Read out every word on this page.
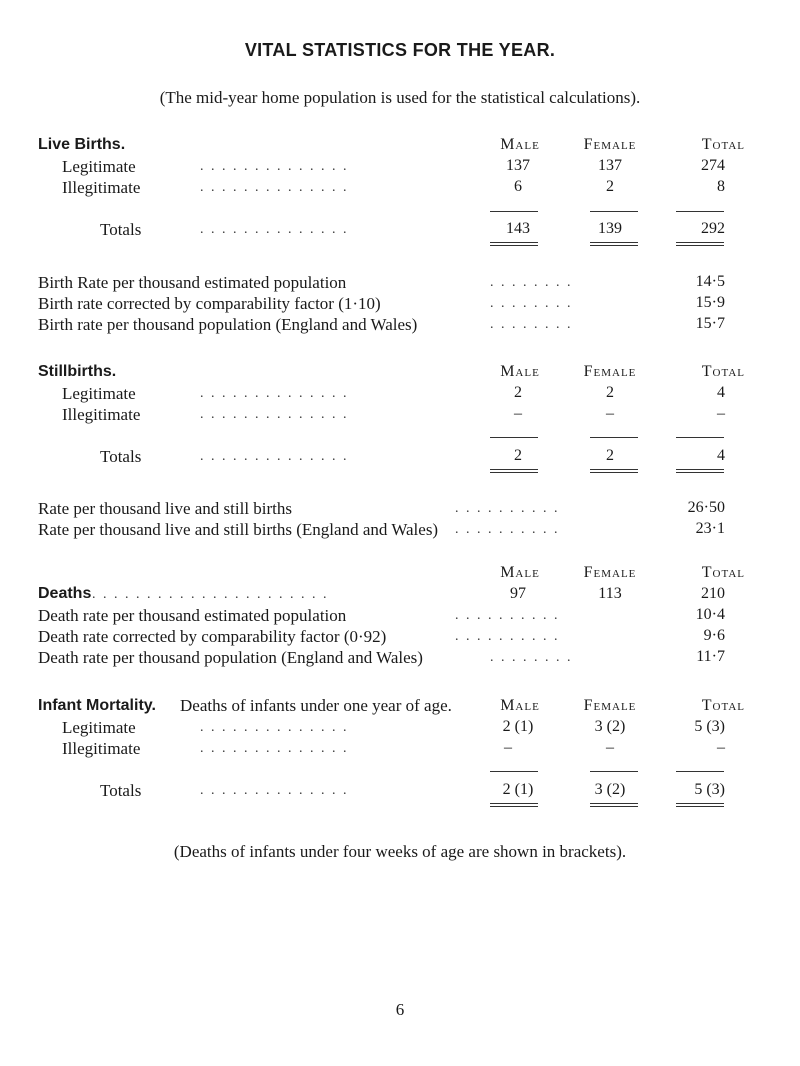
VITAL STATISTICS FOR THE YEAR.
(The mid-year home population is used for the statistical calculations).
Live Births.	Male	Female	Total
Legitimate	. . . . . . . . . . . . . .	137	137	274
Illegitimate	. . . . . . . . . . . . . .	6	2	8
Totals	. . . . . . . . . . . . . .	143	139	292
Birth Rate per thousand estimated population	. . . . . . . .	14·5
Birth rate corrected by comparability factor (1·10)	. . . . . . . .	15·9
Birth rate per thousand population (England and Wales)	. . . . . . . .	15·7
Stillbirths.	Male	Female	Total
Legitimate	. . . . . . . . . . . . . .	2	2	4
Illegitimate	. . . . . . . . . . . . . .	–	–	–
Totals	. . . . . . . . . . . . . .	2	2	4
Rate per thousand live and still births	. . . . . . . . . .	26·50
Rate per thousand live and still births (England and Wales) . . . . . . . . . .	23·1
Male	Female	Total
Deaths . . . . . . . . . . . . . . . . . . . . . .	97	113	210
Death rate per thousand estimated population	. . . . . . . . . .	10·4
Death rate corrected by comparability factor (0·92)	. . . . . . . . . .	9·6
Death rate per thousand population (England and Wales)	. . . . . . . .	11·7
Infant Mortality. Deaths of infants under one year of age.	Male	Female	Total
Legitimate	. . . . . . . . . . . . . .	2 (1)	3 (2)	5 (3)
Illegitimate	. . . . . . . . . . . . . .	–	–	–
Totals	. . . . . . . . . . . . . .	2 (1)	3 (2)	5 (3)
(Deaths of infants under four weeks of age are shown in brackets).
6
